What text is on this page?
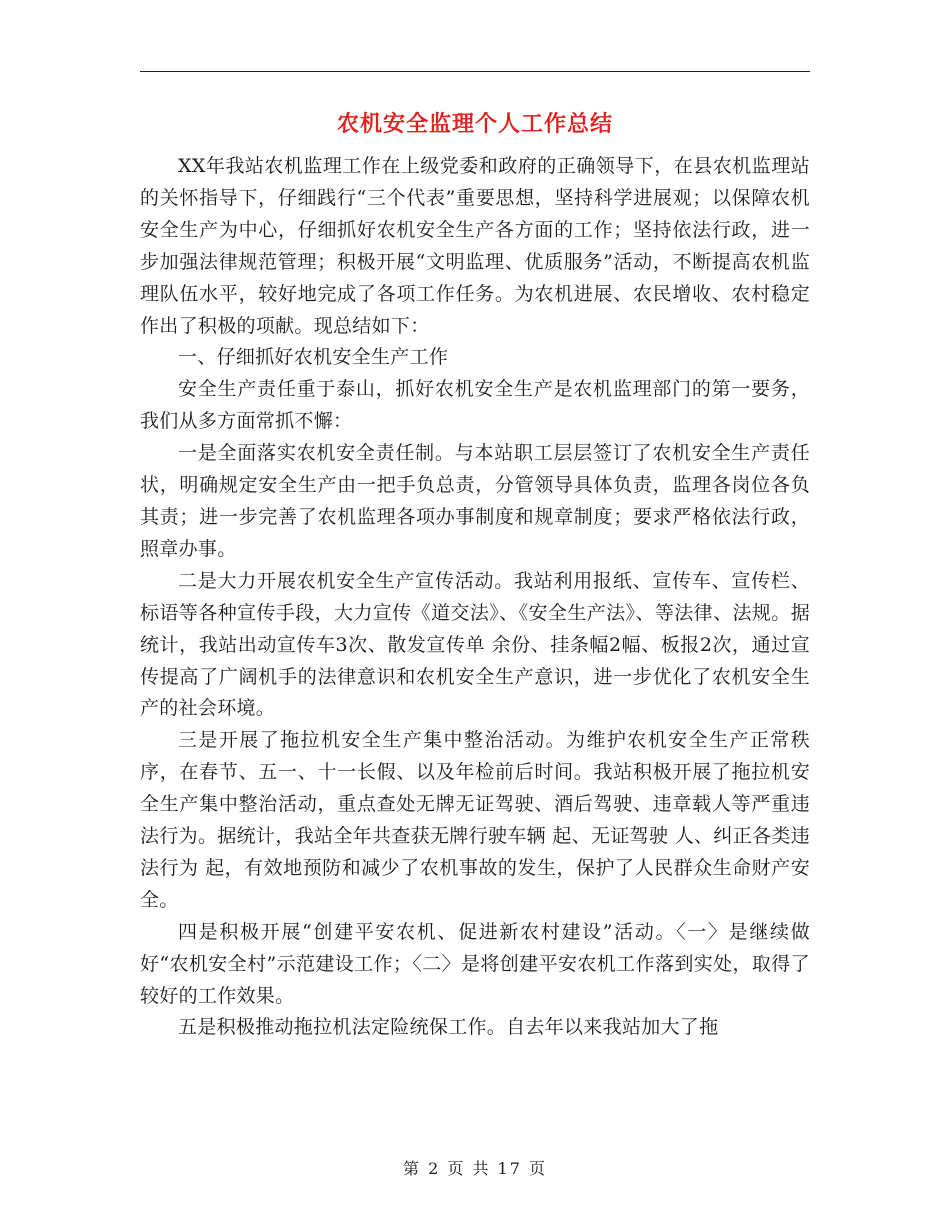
农机安全监理个人工作总结

XX年我站农机监理工作在上级党委和政府的正确领导下，在县农机监理站的关怀指导下，仔细践行“三个代表”重要思想，坚持科学进展观；以保障农机安全生产为中心，仔细抓好农机安全生产各方面的工作；坚持依法行政，进一步加强法律规范管理；积极开展“文明监理、优质服务”活动，不断提高农机监理队伍水平，较好地完成了各项工作任务。为农机进展、农民增收、农村稳定作出了积极的项献。现总结如下：

一、仔细抓好农机安全生产工作

安全生产责任重于泰山，抓好农机安全生产是农机监理部门的第一要务，我们从多方面常抓不懈：

一是全面落实农机安全责任制。与本站职工层层签订了农机安全生产责任状，明确规定安全生产由一把手负总责，分管领导具体负责，监理各岗位各负其责；进一步完善了农机监理各项办事制度和规章制度；要求严格依法行政，照章办事。

二是大力开展农机安全生产宣传活动。我站利用报纸、宣传车、宣传栏、标语等各种宣传手段，大力宣传《道交法》、《安全生产法》、等法律、法规。据统计，我站出动宣传车3次、散发宣传单 余份、挂条幅2幅、板报2次，通过宣传提高了广阔机手的法律意识和农机安全生产意识，进一步优化了农机安全生产的社会环境。

三是开展了拖拉机安全生产集中整治活动。为维护农机安全生产正常秩序，在春节、五一、十一长假、以及年检前后时间。我站积极开展了拖拉机安全生产集中整治活动，重点查处无牌无证驾驶、酒后驾驶、违章载人等严重违法行为。据统计，我站全年共查获无牌行驶车辆 起、无证驾驶 人、纠正各类违法行为 起，有效地预防和减少了农机事故的发生，保护了人民群众生命财产安全。

四是积极开展“创建平安农机、促进新农村建设”活动。〈一〉是继续做好“农机安全村”示范建设工作；〈二〉是将创建平安农机工作落到实处，取得了较好的工作效果。

五是积极推动拖拉机法定险统保工作。自去年以来我站加大了拖

第 2 页 共 17 页
